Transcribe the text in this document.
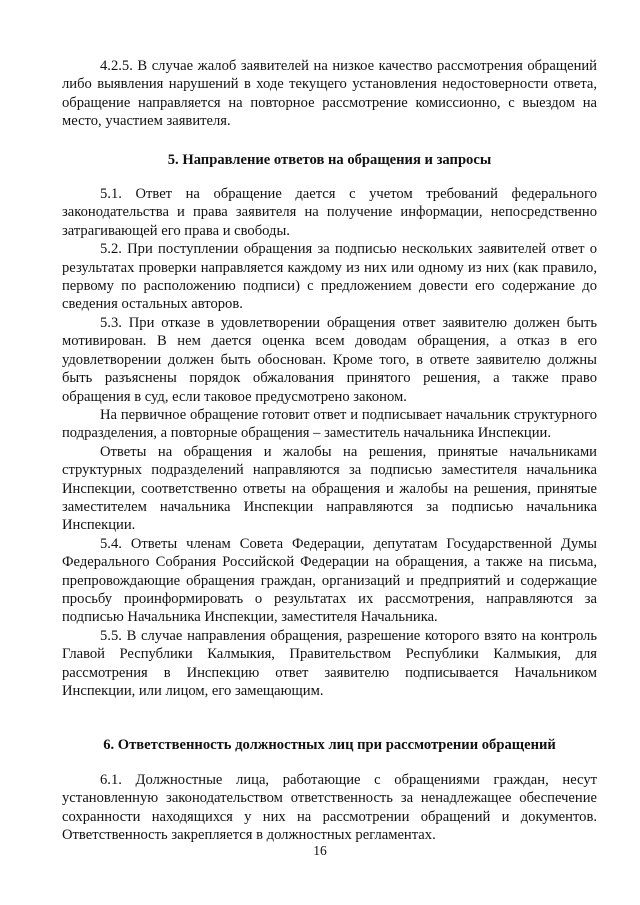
4.2.5. В случае жалоб заявителей на низкое качество рассмотрения обращений либо выявления нарушений в ходе текущего установления недостоверности ответа, обращение направляется на повторное рассмотрение комиссионно, с выездом на место, участием заявителя.

5. Направление ответов на обращения и запросы

5.1. Ответ на обращение дается с учетом требований федерального законодательства и права заявителя на получение информации, непосредственно затрагивающей его права и свободы.

5.2. При поступлении обращения за подписью нескольких заявителей ответ о результатах проверки направляется каждому из них или одному из них (как правило, первому по расположению подписи) с предложением довести его содержание до сведения остальных авторов.

5.3. При отказе в удовлетворении обращения ответ заявителю должен быть мотивирован. В нем дается оценка всем доводам обращения, а отказ в его удовлетворении должен быть обоснован. Кроме того, в ответе заявителю должны быть разъяснены порядок обжалования принятого решения, а также право обращения в суд, если таковое предусмотрено законом.

На первичное обращение готовит ответ и подписывает начальник структурного подразделения, а повторные обращения – заместитель начальника Инспекции.

Ответы на обращения и жалобы на решения, принятые начальниками структурных подразделений направляются за подписью заместителя начальника Инспекции, соответственно ответы на обращения и жалобы на решения, принятые заместителем начальника Инспекции направляются за подписью начальника Инспекции.

5.4. Ответы членам Совета Федерации, депутатам Государственной Думы Федерального Собрания Российской Федерации на обращения, а также на письма, препровождающие обращения граждан, организаций и предприятий и содержащие просьбу проинформировать о результатах их рассмотрения, направляются за подписью Начальника Инспекции, заместителя Начальника.

5.5. В случае направления обращения, разрешение которого взято на контроль Главой Республики Калмыкия, Правительством Республики Калмыкия, для рассмотрения в Инспекцию ответ заявителю подписывается Начальником Инспекции, или лицом, его замещающим.

6. Ответственность должностных лиц при рассмотрении обращений

6.1. Должностные лица, работающие с обращениями граждан, несут установленную законодательством ответственность за ненадлежащее обеспечение сохранности находящихся у них на рассмотрении обращений и документов. Ответственность закрепляется в должностных регламентах.

16
